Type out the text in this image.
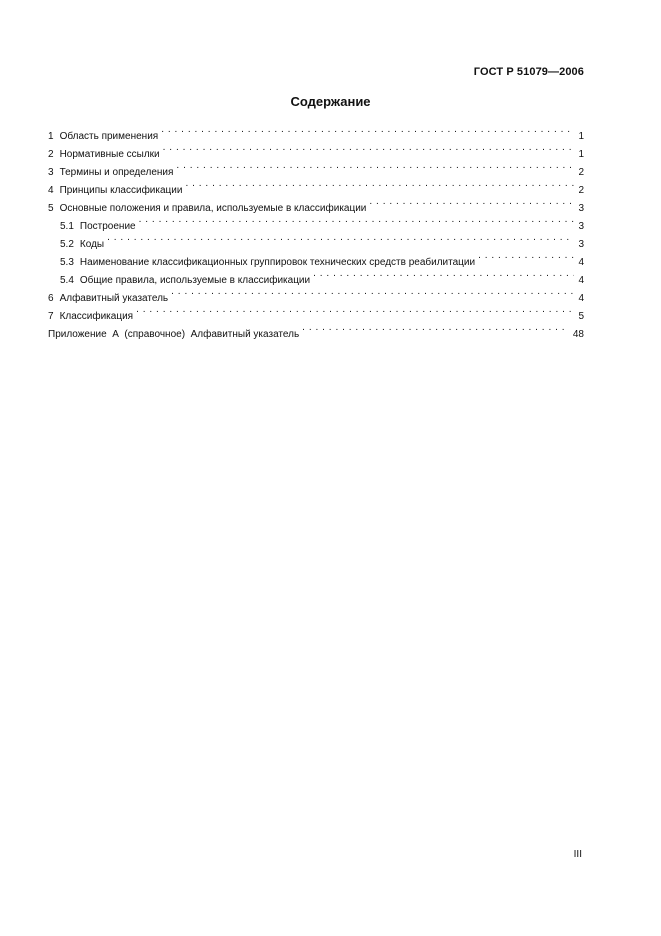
ГОСТ Р 51079—2006
Содержание
1 Область применения . . .	1
2 Нормативные ссылки . . .	1
3 Термины и определения . . .	2
4 Принципы классификации . . .	2
5 Основные положения и правила, используемые в классификации . . .	3
5.1 Построение . . .	3
5.2 Коды . . .	3
5.3 Наименование классификационных группировок технических средств реабилитации . . .	4
5.4 Общие правила, используемые в классификации . . .	4
6 Алфавитный указатель . . .	4
7 Классификация . . .	5
Приложение  А  (справочное)  Алфавитный указатель . . .	48
III
